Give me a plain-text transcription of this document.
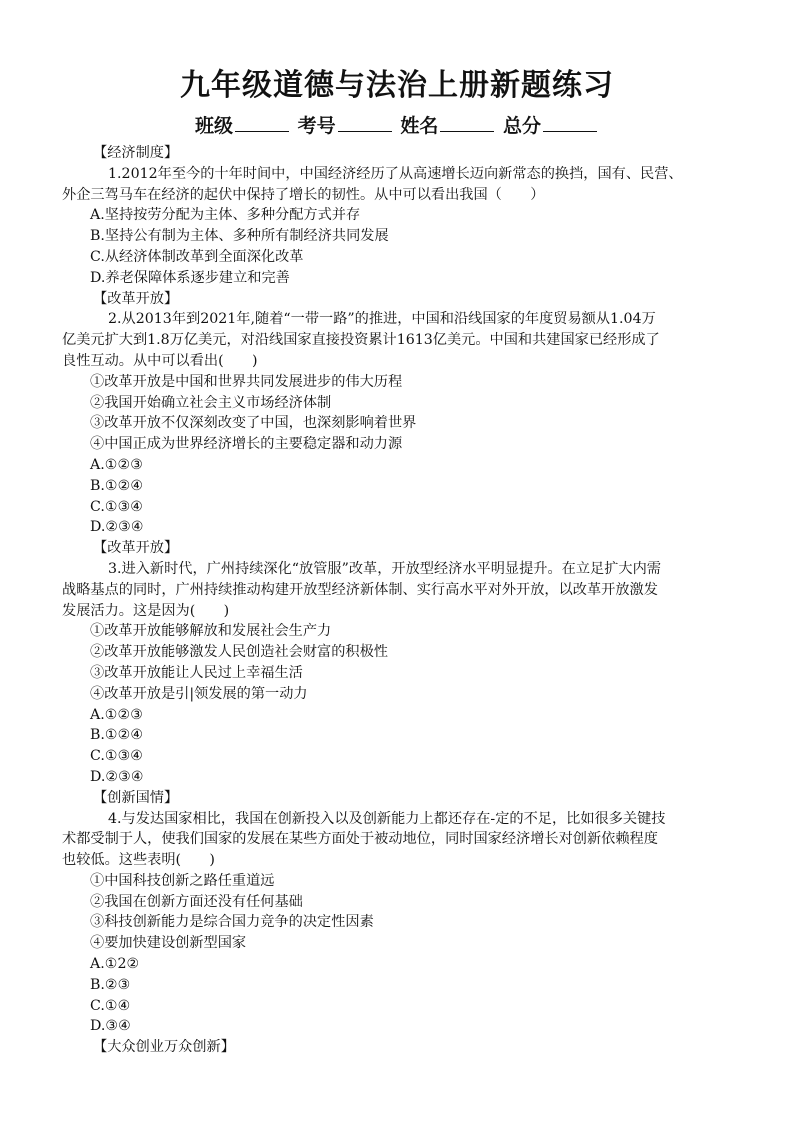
九年级道德与法治上册新题练习
班级	考号	姓名	总分
【经济制度】
1.2012年至今的十年时间中，中国经济经历了从高速增长迈向新常态的换挡，国有、民营、
外企三驾马车在经济的起伏中保持了增长的韧性。从中可以看出我国（　　）
A.坚持按劳分配为主体、多种分配方式并存
B.坚持公有制为主体、多种所有制经济共同发展
C.从经济体制改革到全面深化改革
D.养老保障体系逐步建立和完善
【改革开放】
2.从2013年到2021年,随着“一带一路”的推进，中国和沿线国家的年度贸易额从1.04万
亿美元扩大到1.8万亿美元，对沿线国家直接投资累计1613亿美元。中国和共建国家已经形成了
良性互动。从中可以看出(　　)
①改革开放是中国和世界共同发展进步的伟大历程
②我国开始确立社会主义市场经济体制
③改革开放不仅深刻改变了中国，也深刻影响着世界
④中国正成为世界经济增长的主要稳定器和动力源
A.①②③
B.①②④
C.①③④
D.②③④
【改革开放】
3.进入新时代，广州持续深化“放管服”改革，开放型经济水平明显提升。在立足扩大内需
战略基点的同时，广州持续推动构建开放型经济新体制、实行高水平对外开放，以改革开放激发
发展活力。这是因为(　　)
①改革开放能够解放和发展社会生产力
②改革开放能够激发人民创造社会财富的积极性
③改革开放能让人民过上幸福生活
④改革开放是引|领发展的第一动力
A.①②③
B.①②④
C.①③④
D.②③④
【创新国情】
4.与发达国家相比，我国在创新投入以及创新能力上都还存在-定的不足，比如很多关键技
术都受制于人，使我们国家的发展在某些方面处于被动地位，同时国家经济增长对创新依赖程度
也较低。这些表明(　　)
①中国科技创新之路任重道远
②我国在创新方面还没有任何基础
③科技创新能力是综合国力竞争的决定性因素
④要加快建设创新型国家
A.①2②
B.②③
C.①④
D.③④
【大众创业万众创新】
